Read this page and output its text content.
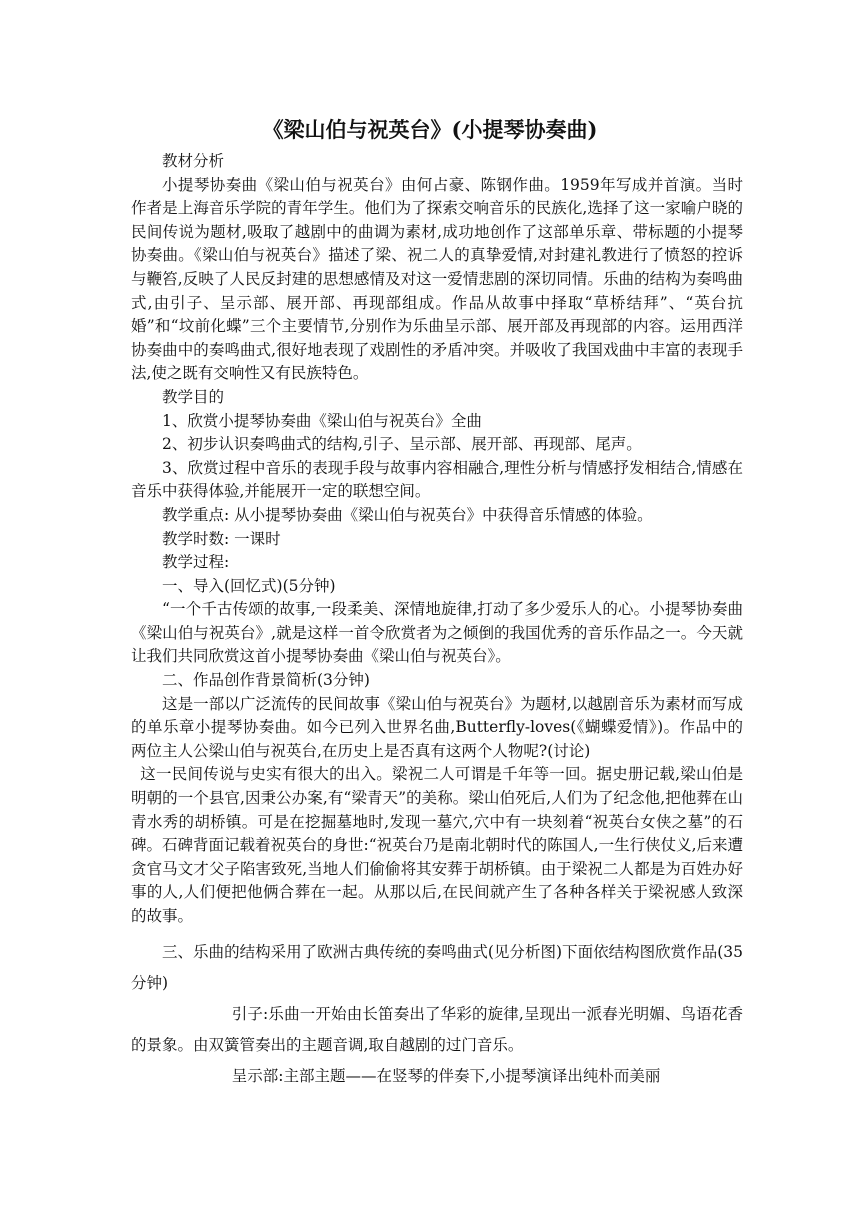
《梁山伯与祝英台》(小提琴协奏曲)

教材分析

小提琴协奏曲《梁山伯与祝英台》由何占豪、陈钢作曲。1959年写成并首演。当时作者是上海音乐学院的青年学生。他们为了探索交响音乐的民族化,选择了这一家喻户晓的民间传说为题材,吸取了越剧中的曲调为素材,成功地创作了这部单乐章、带标题的小提琴协奏曲。《梁山伯与祝英台》描述了梁、祝二人的真挚爱情,对封建礼教进行了愤怒的控诉与鞭笞,反映了人民反封建的思想感情及对这一爱情悲剧的深切同情。乐曲的结构为奏鸣曲式,由引子、呈示部、展开部、再现部组成。作品从故事中择取“草桥结拜”、“英台抗婚”和“坟前化蝶”三个主要情节,分别作为乐曲呈示部、展开部及再现部的内容。运用西洋协奏曲中的奏鸣曲式,很好地表现了戏剧性的矛盾冲突。并吸收了我国戏曲中丰富的表现手法,使之既有交响性又有民族特色。

教学目的

1、欣赏小提琴协奏曲《梁山伯与祝英台》全曲

2、初步认识奏鸣曲式的结构,引子、呈示部、展开部、再现部、尾声。

3、欣赏过程中音乐的表现手段与故事内容相融合,理性分析与情感抒发相结合,情感在音乐中获得体验,并能展开一定的联想空间。

教学重点: 从小提琴协奏曲《梁山伯与祝英台》中获得音乐情感的体验。

教学时数: 一课时

教学过程:

一、导入(回忆式)(5分钟)

“一个千古传颂的故事,一段柔美、深情地旋律,打动了多少爱乐人的心。小提琴协奏曲《梁山伯与祝英台》,就是这样一首令欣赏者为之倾倒的我国优秀的音乐作品之一。今天就让我们共同欣赏这首小提琴协奏曲《梁山伯与祝英台》。

二、作品创作背景简析(3分钟)

这是一部以广泛流传的民间故事《梁山伯与祝英台》为题材,以越剧音乐为素材而写成的单乐章小提琴协奏曲。如今已列入世界名曲,Butterfly-loves(《蝴蝶爱情》)。作品中的两位主人公梁山伯与祝英台,在历史上是否真有这两个人物呢?(讨论)

这一民间传说与史实有很大的出入。梁祝二人可谓是千年等一回。据史册记载,梁山伯是明朝的一个县官,因秉公办案,有“梁青天”的美称。梁山伯死后,人们为了纪念他,把他葬在山青水秀的胡桥镇。可是在挖掘墓地时,发现一墓穴,穴中有一块刻着“祝英台女侠之墓”的石碑。石碑背面记载着祝英台的身世:“祝英台乃是南北朝时代的陈国人,一生行侠仗义,后来遭贪官马文才父子陷害致死,当地人们偷偷将其安葬于胡桥镇。由于梁祝二人都是为百姓办好事的人,人们便把他俩合葬在一起。从那以后,在民间就产生了各种各样关于梁祝感人致深的故事。

三、乐曲的结构采用了欧洲古典传统的奏鸣曲式(见分析图)下面依结构图欣赏作品(35分钟)

引子:乐曲一开始由长笛奏出了华彩的旋律,呈现出一派春光明媚、鸟语花香的景象。由双簧管奏出的主题音调,取自越剧的过门音乐。

呈示部:主部主题——在竖琴的伴奏下,小提琴演译出纯朴而美丽
